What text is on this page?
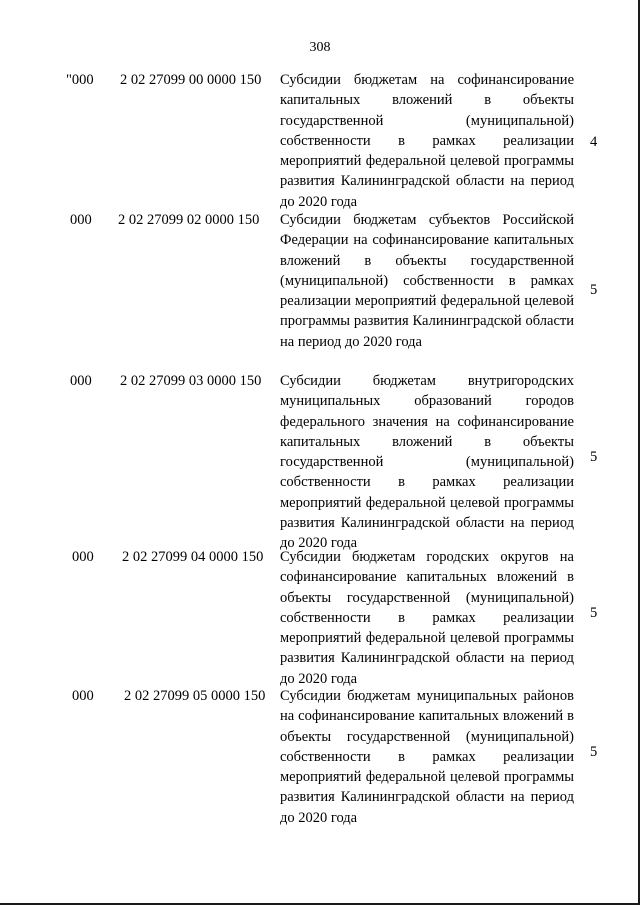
308
"000 2 02 27099 00 0000 150 Субсидии бюджетам на софинансирование капитальных вложений в объекты государственной (муниципальной) собственности в рамках реализации мероприятий федеральной целевой программы развития Калининградской области на период до 2020 года
4
000 2 02 27099 02 0000 150 Субсидии бюджетам субъектов Российской Федерации на софинансирование капитальных вложений в объекты государственной (муниципальной) собственности в рамках реализации мероприятий федеральной целевой программы развития Калининградской области на период до 2020 года
5
000 2 02 27099 03 0000 150 Субсидии бюджетам внутригородских муниципальных образований городов федерального значения на софинансирование капитальных вложений в объекты государственной (муниципальной) собственности в рамках реализации мероприятий федеральной целевой программы развития Калининградской области на период до 2020 года
5
000 2 02 27099 04 0000 150 Субсидии бюджетам городских округов на софинансирование капитальных вложений в объекты государственной (муниципальной) собственности в рамках реализации мероприятий федеральной целевой программы развития Калининградской области на период до 2020 года
5
000 2 02 27099 05 0000 150 Субсидии бюджетам муниципальных районов на софинансирование капитальных вложений в объекты государственной (муниципальной) собственности в рамках реализации мероприятий федеральной целевой программы развития Калининградской области на период до 2020 года
5
